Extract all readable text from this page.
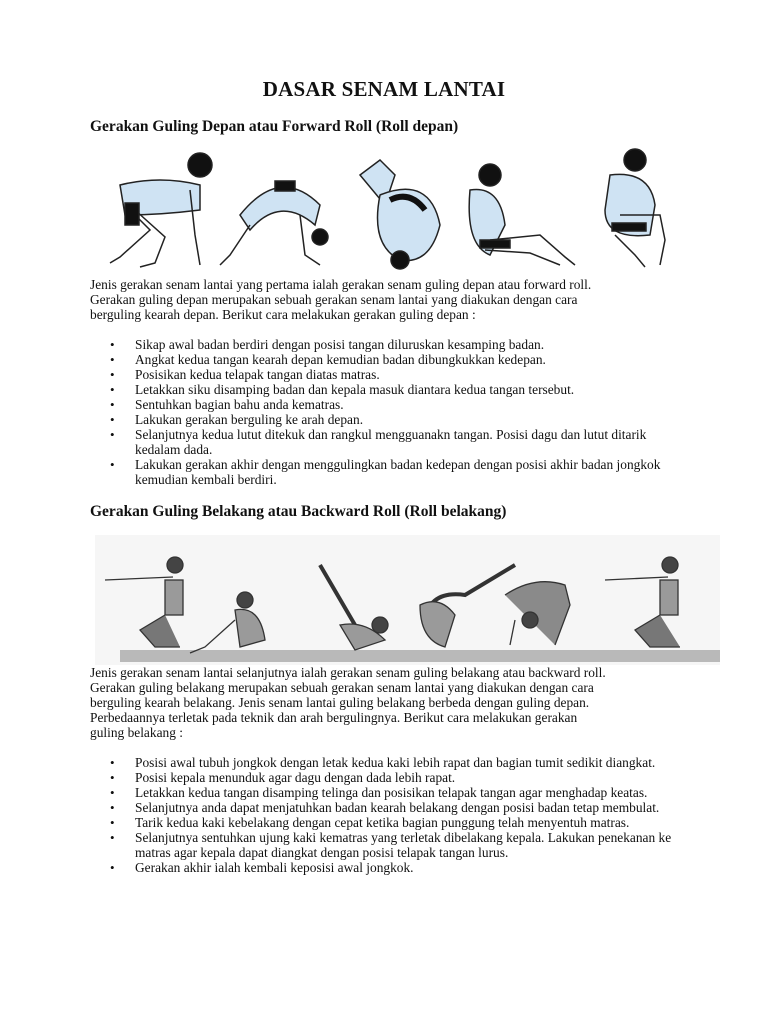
DASAR SENAM LANTAI
Gerakan Guling Depan atau Forward Roll (Roll depan)
Jenis gerakan senam lantai yang pertama ialah gerakan senam guling depan atau forward roll.
Gerakan guling depan merupakan sebuah gerakan senam lantai yang diakukan dengan cara
berguling kearah depan. Berikut cara melakukan gerakan guling depan :
• Sikap awal badan berdiri dengan posisi tangan diluruskan kesamping badan.
• Angkat kedua tangan kearah depan kemudian badan dibungkukkan kedepan.
• Posisikan kedua telapak tangan diatas matras.
• Letakkan siku disamping badan dan kepala masuk diantara kedua tangan tersebut.
• Sentuhkan bagian bahu anda kematras.
• Lakukan gerakan berguling ke arah depan.
• Selanjutnya kedua lutut ditekuk dan rangkul mengguanakn tangan. Posisi dagu dan lutut ditarik kedalam dada.
• Lakukan gerakan akhir dengan menggulingkan badan kedepan dengan posisi akhir badan jongkok kemudian kembali berdiri.
Gerakan Guling Belakang atau Backward Roll (Roll belakang)
Jenis gerakan senam lantai selanjutnya ialah gerakan senam guling belakang atau backward roll.
Gerakan guling belakang merupakan sebuah gerakan senam lantai yang diakukan dengan cara
berguling kearah belakang. Jenis senam lantai guling belakang berbeda dengan guling depan.
Perbedaannya terletak pada teknik dan arah bergulingnya. Berikut cara melakukan gerakan
guling belakang :
• Posisi awal tubuh jongkok dengan letak kedua kaki lebih rapat dan bagian tumit sedikit diangkat.
• Posisi kepala menunduk agar dagu dengan dada lebih rapat.
• Letakkan kedua tangan disamping telinga dan posisikan telapak tangan agar menghadap keatas.
• Selanjutnya anda dapat menjatuhkan badan kearah belakang dengan posisi badan tetap membulat.
• Tarik kedua kaki kebelakang dengan cepat ketika bagian punggung telah menyentuh matras.
• Selanjutnya sentuhkan ujung kaki kematras yang terletak dibelakang kepala. Lakukan penekanan ke matras agar kepala dapat diangkat dengan posisi telapak tangan lurus.
• Gerakan akhir ialah kembali keposisi awal jongkok.
